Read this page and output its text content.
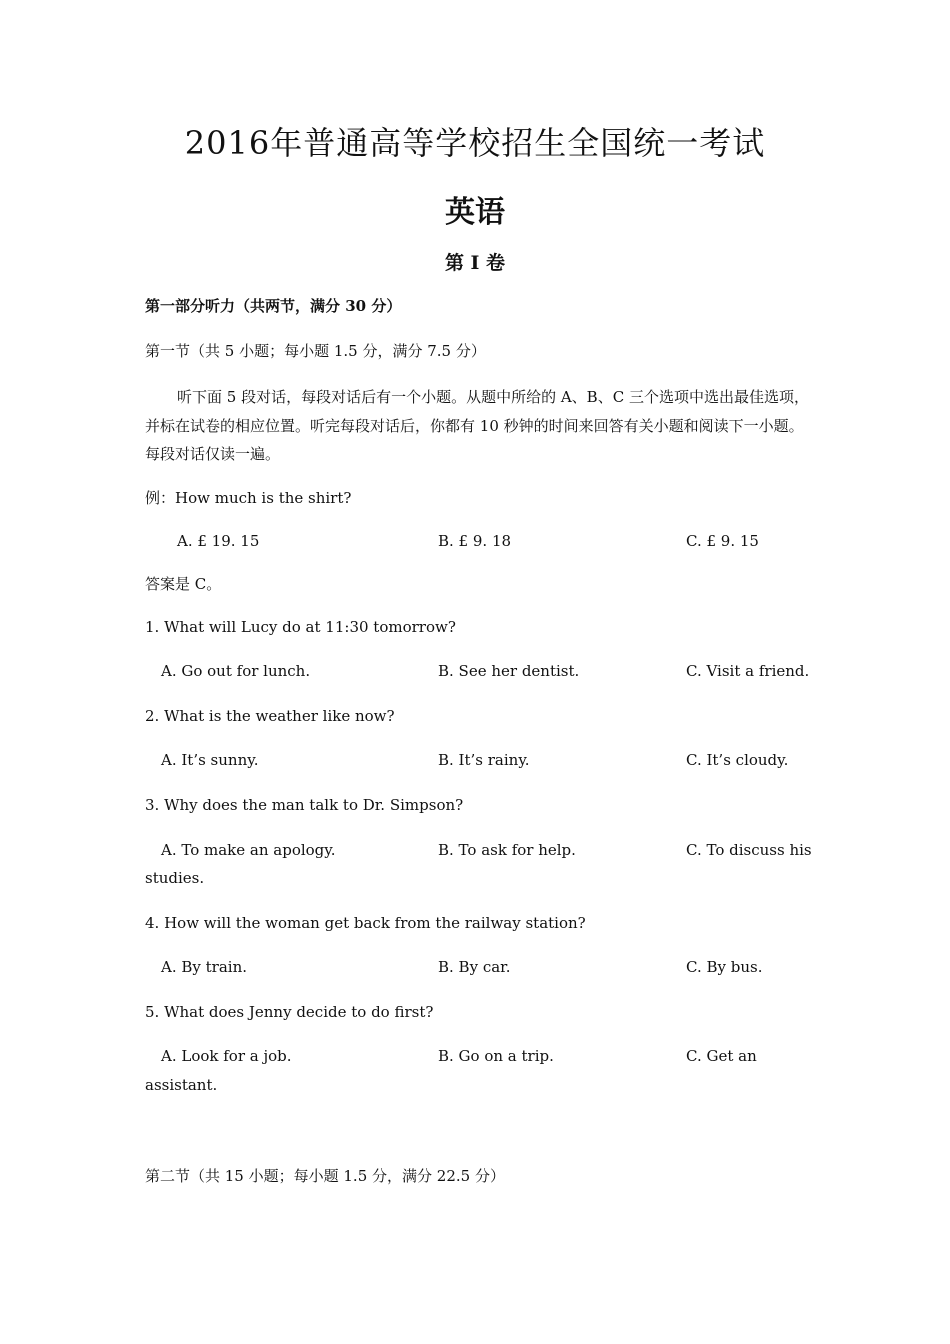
2016年普通高等学校招生全国统一考试
英语
第 I 卷
第一部分听力（共两节，满分 30 分）
第一节（共 5 小题；每小题 1.5 分，满分 7.5 分）
听下面 5 段对话，每段对话后有一个小题。从题中所给的 A、B、C 三个选项中选出最佳选项，并标在试卷的相应位置。听完每段对话后，你都有 10 秒钟的时间来回答有关小题和阅读下一小题。每段对话仅读一遍。
例：How much is the shirt?
A. £ 19. 15	B. £ 9. 18	C. £ 9. 15
答案是 C。
1. What will Lucy do at 11:30 tomorrow?
A. Go out for lunch.	B. See her dentist.	C. Visit a friend.
2. What is the weather like now?
A. It’s sunny.	B. It’s rainy.	C. It’s cloudy.
3. Why does the man talk to Dr. Simpson?
A. To make an apology.	B. To ask for help.	C. To discuss his
studies.
4. How will the woman get back from the railway station?
A. By train.	B. By car.	C. By bus.
5. What does Jenny decide to do first?
A. Look for a job.	B. Go on a trip.	C. Get an
assistant.
第二节（共 15 小题；每小题 1.5 分，满分 22.5 分）
